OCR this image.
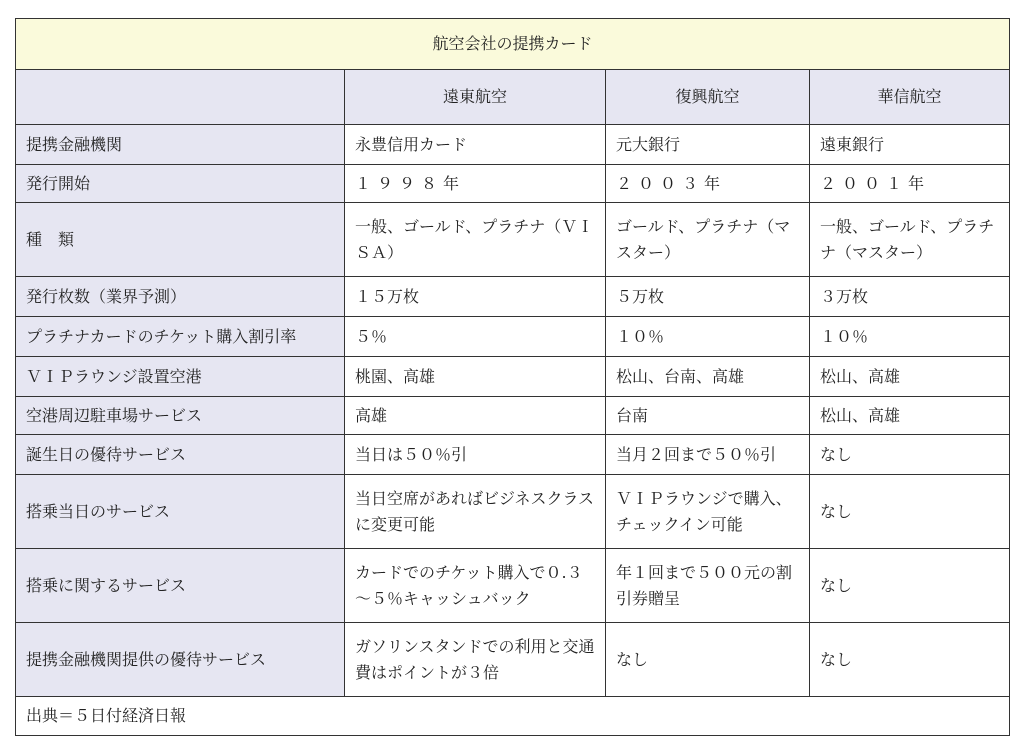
航空会社の提携カード			
	遠東航空	復興航空	華信航空
提携金融機関	永豊信用カード	元大銀行	遠東銀行
発行開始	１９９８年	２００３年	２００１年
種　類	一般、ゴールド、プラチナ（ＶＩＳＡ）	ゴールド、プラチナ（マスター）	一般、ゴールド、プラチナ（マスター）
発行枚数（業界予測）	１５万枚	５万枚	３万枚
プラチナカードのチケット購入割引率	５％	１０％	１０％
ＶＩＰラウンジ設置空港	桃園、高雄	松山、台南、高雄	松山、高雄
空港周辺駐車場サービス	高雄	台南	松山、高雄
誕生日の優待サービス	当日は５０％引	当月２回まで５０％引	なし
搭乗当日のサービス	当日空席があればビジネスクラスに変更可能	ＶＩＰラウンジで購入、チェックイン可能	なし
搭乗に関するサービス	カードでのチケット購入で０.３～５％キャッシュバック	年１回まで５００元の割引券贈呈	なし
提携金融機関提供の優待サービス	ガソリンスタンドでの利用と交通費はポイントが３倍	なし	なし
出典＝５日付経済日報			
